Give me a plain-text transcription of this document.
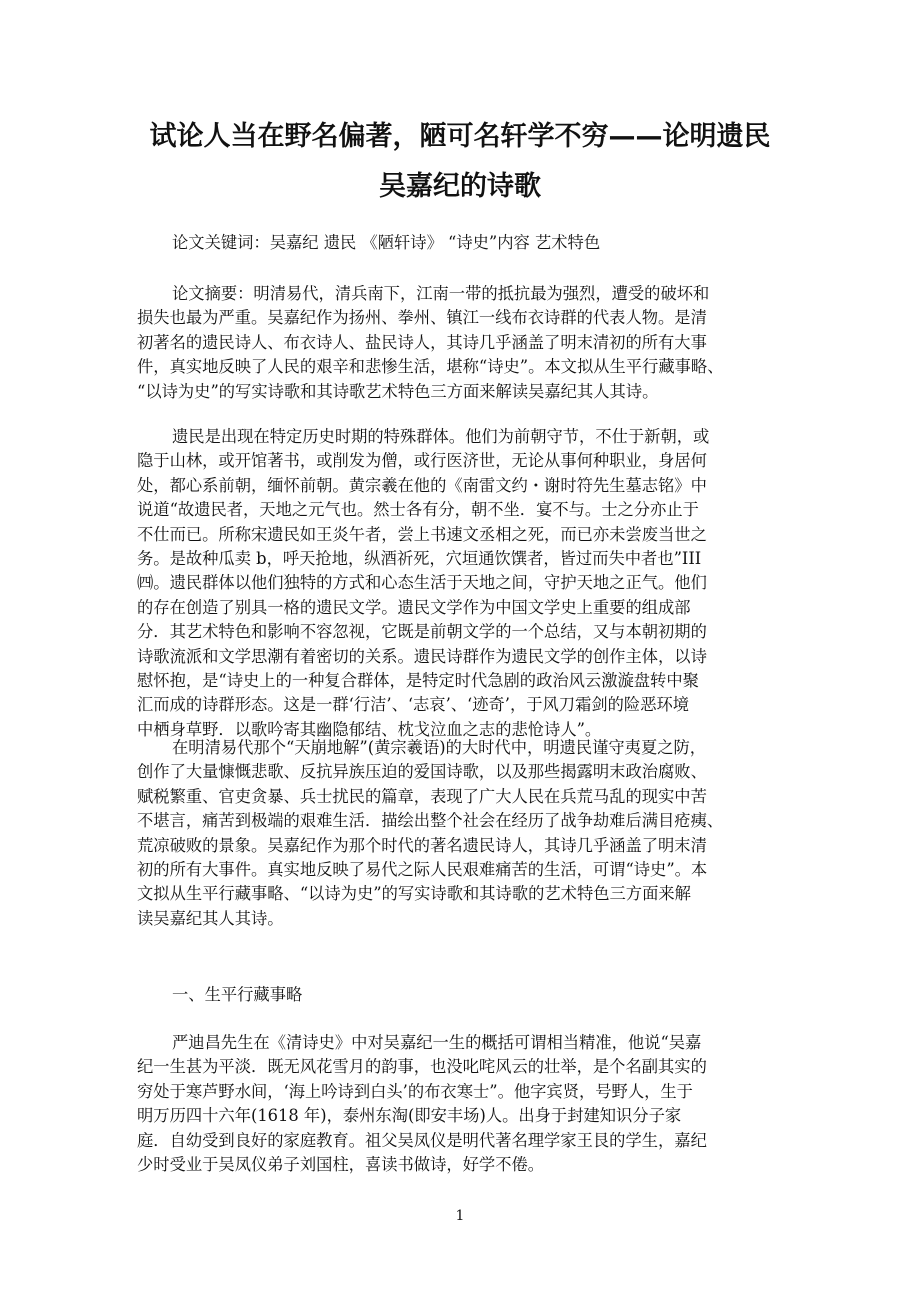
试论人当在野名偏著，陋可名轩学不穷——论明遗民
吴嘉纪的诗歌

论文关键词：吴嘉纪 遗民 《陋轩诗》 “诗史”内容 艺术特色

论文摘要：明清易代，清兵南下，江南一带的抵抗最为强烈，遭受的破坏和
损失也最为严重。吴嘉纪作为扬州、拳州、镇江一线布衣诗群的代表人物。是清
初著名的遗民诗人、布衣诗人、盐民诗人，其诗几乎涵盖了明末清初的所有大事
件，真实地反映了人民的艰辛和悲惨生活，堪称“诗史”。本文拟从生平行藏事略、
“以诗为史”的写实诗歌和其诗歌艺术特色三方面来解读吴嘉纪其人其诗。

遗民是出现在特定历史时期的特殊群体。他们为前朝守节，不仕于新朝，或
隐于山林，或开馆著书，或削发为僧，或行医济世，无论从事何种职业，身居何
处，都心系前朝，缅怀前朝。黄宗羲在他的《南雷文约・谢时符先生墓志铭》中
说道“故遗民者，天地之元气也。然士各有分，朝不坐．宴不与。士之分亦止于
不仕而已。所称宋遗民如王炎午者，尝上书速文丞相之死，而已亦未尝废当世之
务。是故种瓜卖 b，呼天抢地，纵酒祈死，穴垣通饮馔者，皆过而失中者也”III
㈣。遗民群体以他们独特的方式和心态生活于天地之间，守护天地之正气。他们
的存在创造了别具一格的遗民文学。遗民文学作为中国文学史上重要的组成部
分．其艺术特色和影响不容忽视，它既是前朝文学的一个总结，又与本朝初期的
诗歌流派和文学思潮有着密切的关系。遗民诗群作为遗民文学的创作主体，以诗
慰怀抱，是“诗史上的一种复合群体，是特定时代急剧的政治风云激漩盘转中聚
汇而成的诗群形态。这是一群‘行洁’、‘志哀’、‘迹奇’，于风刀霜剑的险恶环境
中栖身草野．以歌吟寄其幽隐郁结、枕戈泣血之志的悲怆诗人”。

在明清易代那个“天崩地解”(黄宗羲语)的大时代中，明遗民谨守夷夏之防，
创作了大量慷慨悲歌、反抗异族压迫的爱国诗歌，以及那些揭露明末政治腐败、
赋税繁重、官吏贪暴、兵士扰民的篇章，表现了广大人民在兵荒马乱的现实中苦
不堪言，痛苦到极端的艰难生活．描绘出整个社会在经历了战争劫难后满目疮痍、
荒凉破败的景象。吴嘉纪作为那个时代的著名遗民诗人，其诗几乎涵盖了明末清
初的所有大事件。真实地反映了易代之际人民艰难痛苦的生活，可谓“诗史”。本
文拟从生平行藏事略、“以诗为史”的写实诗歌和其诗歌的艺术特色三方面来解
读吴嘉纪其人其诗。

一、生平行藏事略

严迪昌先生在《清诗史》中对吴嘉纪一生的概括可谓相当精准，他说“吴嘉
纪一生甚为平淡．既无风花雪月的韵事，也没叱咤风云的壮举，是个名副其实的
穷处于寒芦野水间，‘海上吟诗到白头’的布衣寒士”。他字宾贤，号野人，生于
明万历四十六年(1618 年)，泰州东淘(即安丰场)人。出身于封建知识分子家
庭．自幼受到良好的家庭教育。祖父吴凤仪是明代著名理学家王艮的学生，嘉纪
少时受业于吴凤仪弟子刘国柱，喜读书做诗，好学不倦。

1
